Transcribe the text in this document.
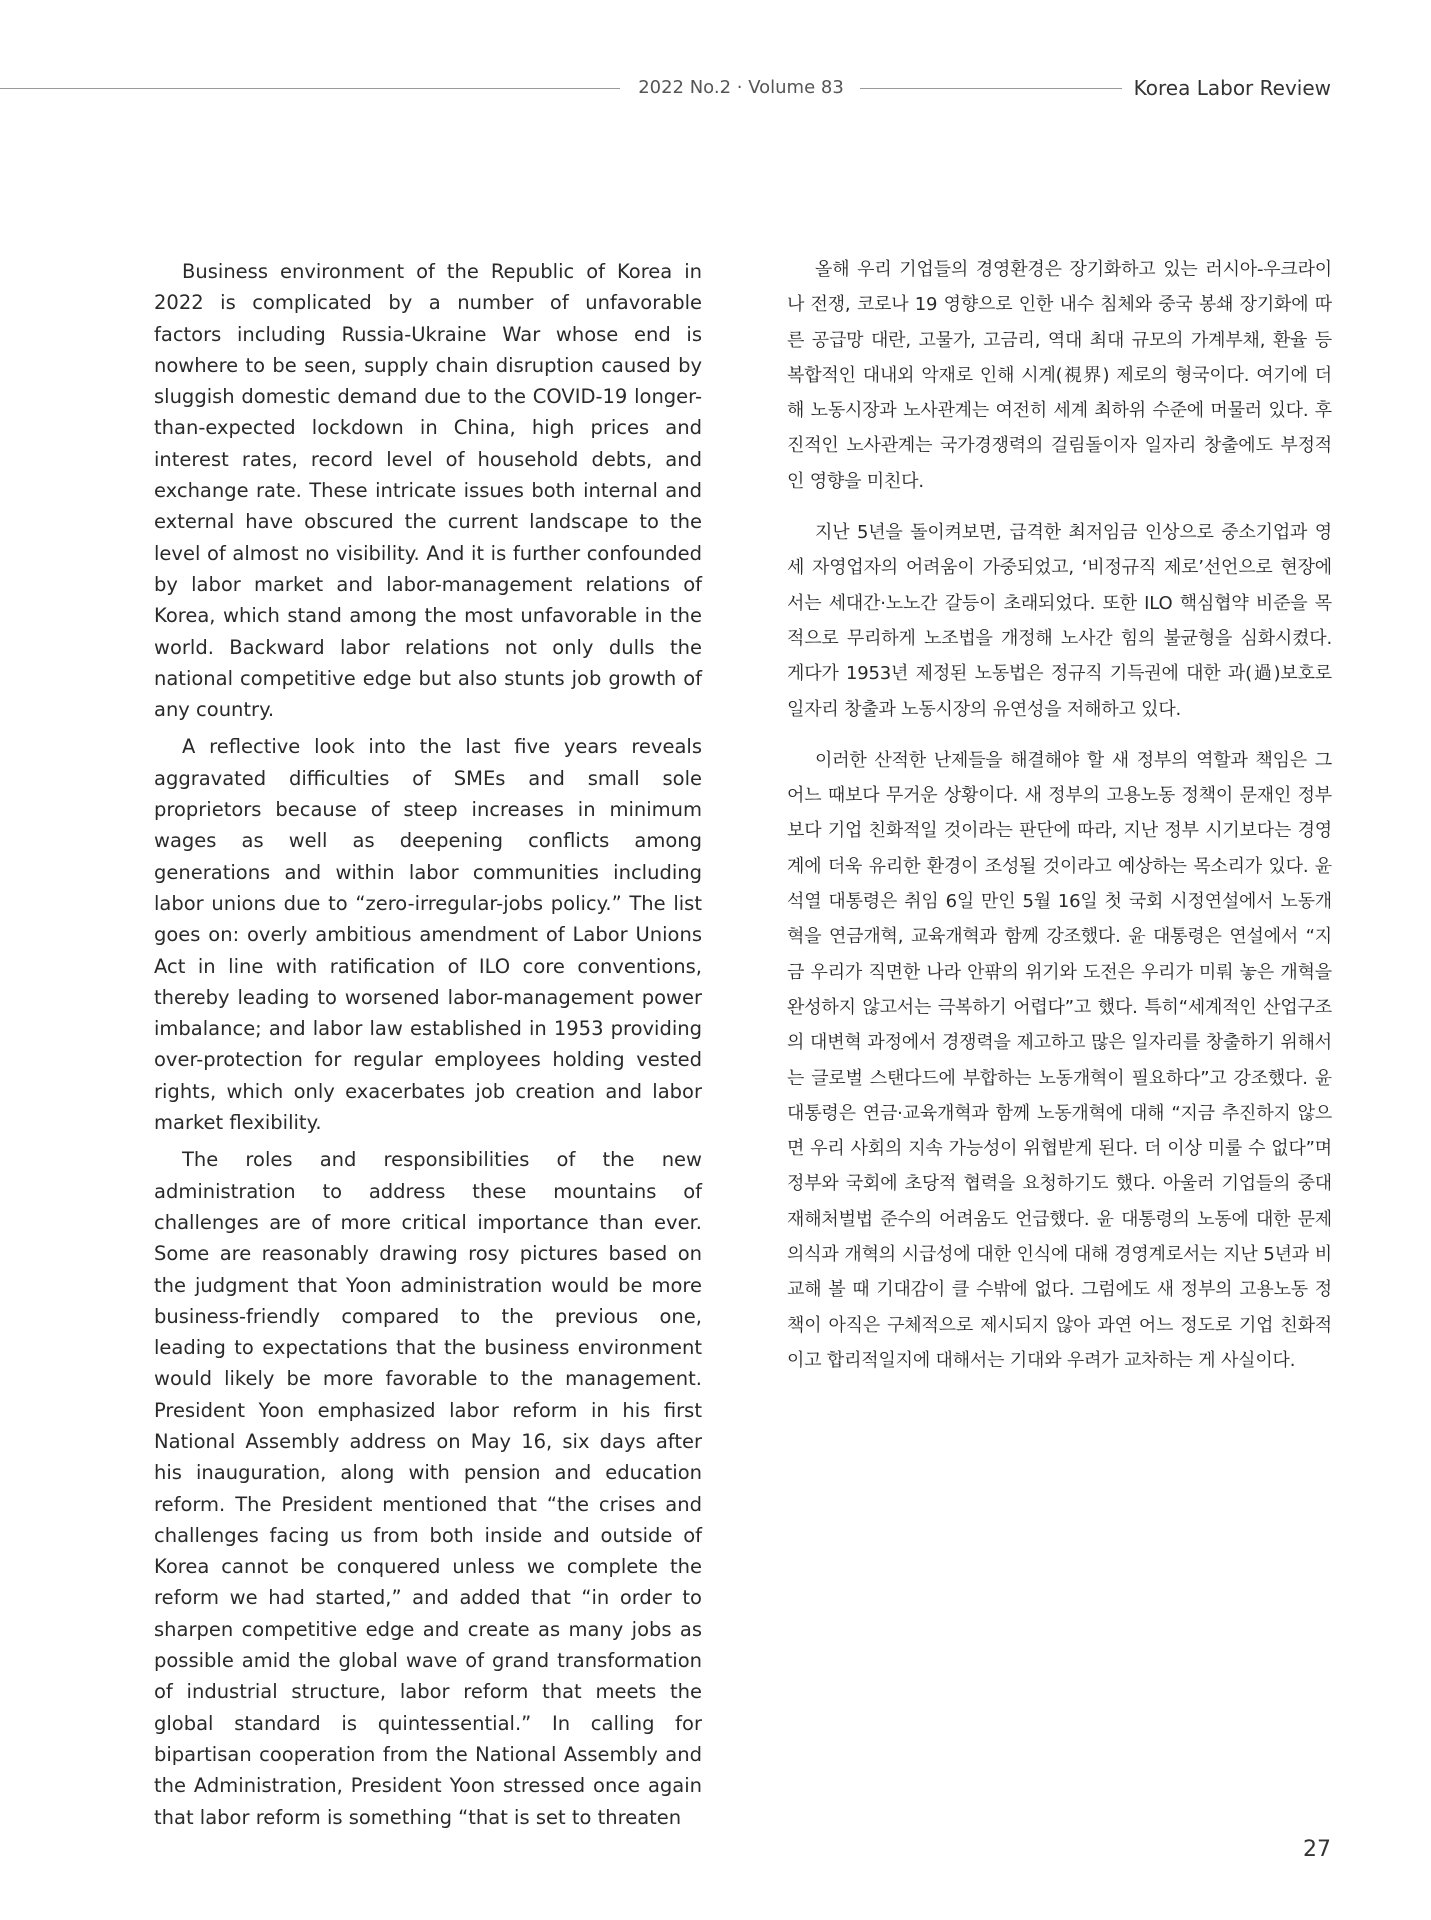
2022 No.2 · Volume 83	Korea Labor Review

Business environment of the Republic of Korea in 2022 is complicated by a number of unfavorable factors including Russia-Ukraine War whose end is nowhere to be seen, supply chain disruption caused by sluggish domestic demand due to the COVID-19 longer-than-expected lockdown in China, high prices and interest rates, record level of household debts, and exchange rate. These intricate issues both internal and external have obscured the current landscape to the level of almost no visibility. And it is further confounded by labor market and labor-management relations of Korea, which stand among the most unfavorable in the world. Backward labor relations not only dulls the national competitive edge but also stunts job growth of any country.

A reflective look into the last five years reveals aggravated difficulties of SMEs and small sole proprietors because of steep increases in minimum wages as well as deepening conflicts among generations and within labor communities including labor unions due to “zero-irregular-jobs policy.” The list goes on: overly ambitious amendment of Labor Unions Act in line with ratification of ILO core conventions, thereby leading to worsened labor-management power imbalance; and labor law established in 1953 providing over-protection for regular employees holding vested rights, which only exacerbates job creation and labor market flexibility.

The roles and responsibilities of the new administration to address these mountains of challenges are of more critical importance than ever. Some are reasonably drawing rosy pictures based on the judgment that Yoon administration would be more business-friendly compared to the previous one, leading to expectations that the business environment would likely be more favorable to the management. President Yoon emphasized labor reform in his first National Assembly address on May 16, six days after his inauguration, along with pension and education reform. The President mentioned that “the crises and challenges facing us from both inside and outside of Korea cannot be conquered unless we complete the reform we had started,” and added that “in order to sharpen competitive edge and create as many jobs as possible amid the global wave of grand transformation of industrial structure, labor reform that meets the global standard is quintessential.” In calling for bipartisan cooperation from the National Assembly and the Administration, President Yoon stressed once again that labor reform is something “that is set to threaten

올해 우리 기업들의 경영환경은 장기화하고 있는 러시아-우크라이나 전쟁, 코로나 19 영향으로 인한 내수 침체와 중국 봉쇄 장기화에 따른 공급망 대란, 고물가, 고금리, 역대 최대 규모의 가계부채, 환율 등 복합적인 대내외 악재로 인해 시계(視界) 제로의 형국이다. 여기에 더해 노동시장과 노사관계는 여전히 세계 최하위 수준에 머물러 있다. 후진적인 노사관계는 국가경쟁력의 걸림돌이자 일자리 창출에도 부정적인 영향을 미친다.

지난 5년을 돌이켜보면, 급격한 최저임금 인상으로 중소기업과 영세 자영업자의 어려움이 가중되었고, ‘비정규직 제로’선언으로 현장에서는 세대간·노노간 갈등이 초래되었다. 또한 ILO 핵심협약 비준을 목적으로 무리하게 노조법을 개정해 노사간 힘의 불균형을 심화시켰다. 게다가 1953년 제정된 노동법은 정규직 기득권에 대한 과(過)보호로 일자리 창출과 노동시장의 유연성을 저해하고 있다.

이러한 산적한 난제들을 해결해야 할 새 정부의 역할과 책임은 그 어느 때보다 무거운 상황이다. 새 정부의 고용노동 정책이 문재인 정부보다 기업 친화적일 것이라는 판단에 따라, 지난 정부 시기보다는 경영계에 더욱 유리한 환경이 조성될 것이라고 예상하는 목소리가 있다. 윤석열 대통령은 취임 6일 만인 5월 16일 첫 국회 시정연설에서 노동개혁을 연금개혁, 교육개혁과 함께 강조했다. 윤 대통령은 연설에서 “지금 우리가 직면한 나라 안팎의 위기와 도전은 우리가 미뤄 놓은 개혁을 완성하지 않고서는 극복하기 어렵다”고 했다. 특히“세계적인 산업구조의 대변혁 과정에서 경쟁력을 제고하고 많은 일자리를 창출하기 위해서는 글로벌 스탠다드에 부합하는 노동개혁이 필요하다”고 강조했다. 윤 대통령은 연금·교육개혁과 함께 노동개혁에 대해 “지금 추진하지 않으면 우리 사회의 지속 가능성이 위협받게 된다. 더 이상 미룰 수 없다”며 정부와 국회에 초당적 협력을 요청하기도 했다. 아울러 기업들의 중대재해처벌법 준수의 어려움도 언급했다. 윤 대통령의 노동에 대한 문제의식과 개혁의 시급성에 대한 인식에 대해 경영계로서는 지난 5년과 비교해 볼 때 기대감이 클 수밖에 없다. 그럼에도 새 정부의 고용노동 정책이 아직은 구체적으로 제시되지 않아 과연 어느 정도로 기업 친화적이고 합리적일지에 대해서는 기대와 우려가 교차하는 게 사실이다.

27
